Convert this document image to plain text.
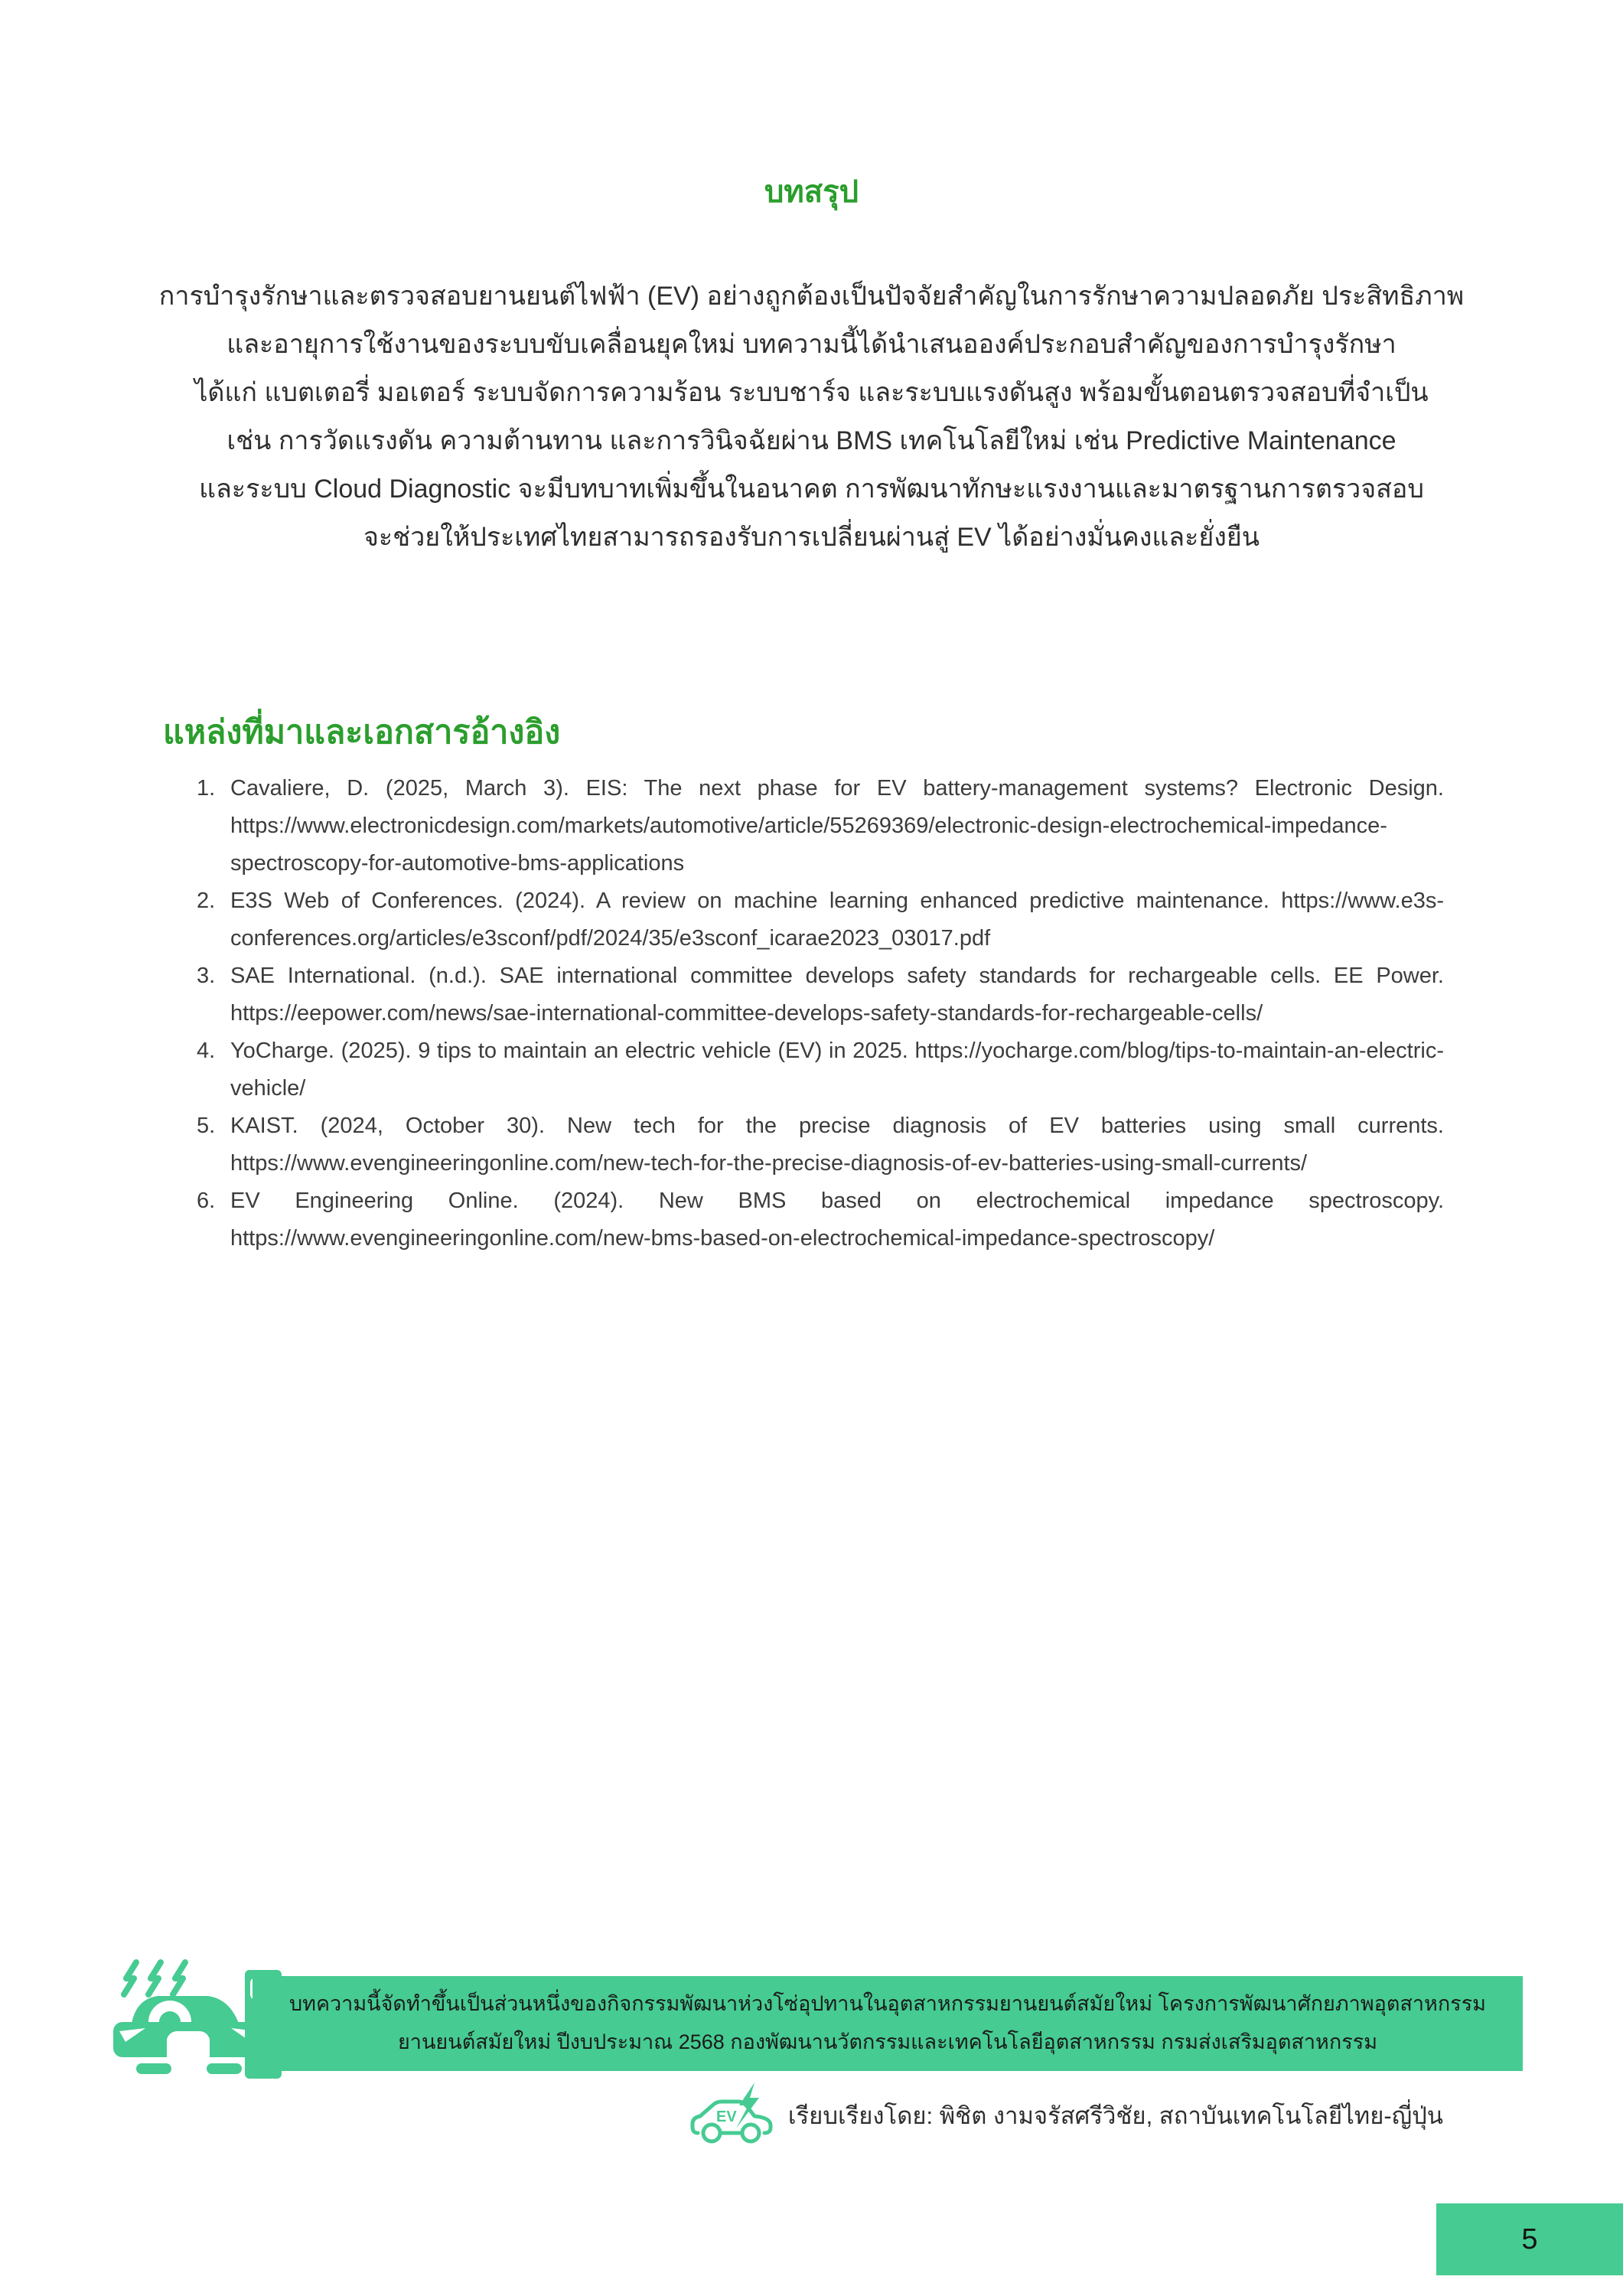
บทสรุป
การบำรุงรักษาและตรวจสอบยานยนต์ไฟฟ้า (EV) อย่างถูกต้องเป็นปัจจัยสำคัญในการรักษาความปลอดภัย ประสิทธิภาพ
และอายุการใช้งานของระบบขับเคลื่อนยุคใหม่ บทความนี้ได้นำเสนอองค์ประกอบสำคัญของการบำรุงรักษา
ได้แก่ แบตเตอรี่ มอเตอร์ ระบบจัดการความร้อน ระบบชาร์จ และระบบแรงดันสูง พร้อมขั้นตอนตรวจสอบที่จำเป็น
เช่น การวัดแรงดัน ความต้านทาน และการวินิจฉัยผ่าน BMS เทคโนโลยีใหม่ เช่น Predictive Maintenance
และระบบ Cloud Diagnostic จะมีบทบาทเพิ่มขึ้นในอนาคต การพัฒนาทักษะแรงงานและมาตรฐานการตรวจสอบ
จะช่วยให้ประเทศไทยสามารถรองรับการเปลี่ยนผ่านสู่ EV ได้อย่างมั่นคงและยั่งยืน
แหล่งที่มาและเอกสารอ้างอิง
1. Cavaliere, D. (2025, March 3). EIS: The next phase for EV battery-management systems? Electronic Design. https://www.electronicdesign.com/markets/automotive/article/55269369/electronic-design-electrochemical-impedance-spectroscopy-for-automotive-bms-applications
2. E3S Web of Conferences. (2024). A review on machine learning enhanced predictive maintenance. https://www.e3s-conferences.org/articles/e3sconf/pdf/2024/35/e3sconf_icarae2023_03017.pdf
3. SAE International. (n.d.). SAE international committee develops safety standards for rechargeable cells. EE Power. https://eepower.com/news/sae-international-committee-develops-safety-standards-for-rechargeable-cells/
4. YoCharge. (2025). 9 tips to maintain an electric vehicle (EV) in 2025. https://yocharge.com/blog/tips-to-maintain-an-electric-vehicle/
5. KAIST. (2024, October 30). New tech for the precise diagnosis of EV batteries using small currents. https://www.evengineeringonline.com/new-tech-for-the-precise-diagnosis-of-ev-batteries-using-small-currents/
6. EV Engineering Online. (2024). New BMS based on electrochemical impedance spectroscopy. https://www.evengineeringonline.com/new-bms-based-on-electrochemical-impedance-spectroscopy/
บทความนี้จัดทำขึ้นเป็นส่วนหนึ่งของกิจกรรมพัฒนาห่วงโซ่อุปทานในอุตสาหกรรมยานยนต์สมัยใหม่ โครงการพัฒนาศักยภาพอุตสาหกรรม
ยานยนต์สมัยใหม่ ปีงบประมาณ 2568 กองพัฒนานวัตกรรมและเทคโนโลยีอุตสาหกรรม กรมส่งเสริมอุตสาหกรรม
EV เรียบเรียงโดย: พิชิต งามจรัสศรีวิชัย, สถาบันเทคโนโลยีไทย-ญี่ปุ่น
5
